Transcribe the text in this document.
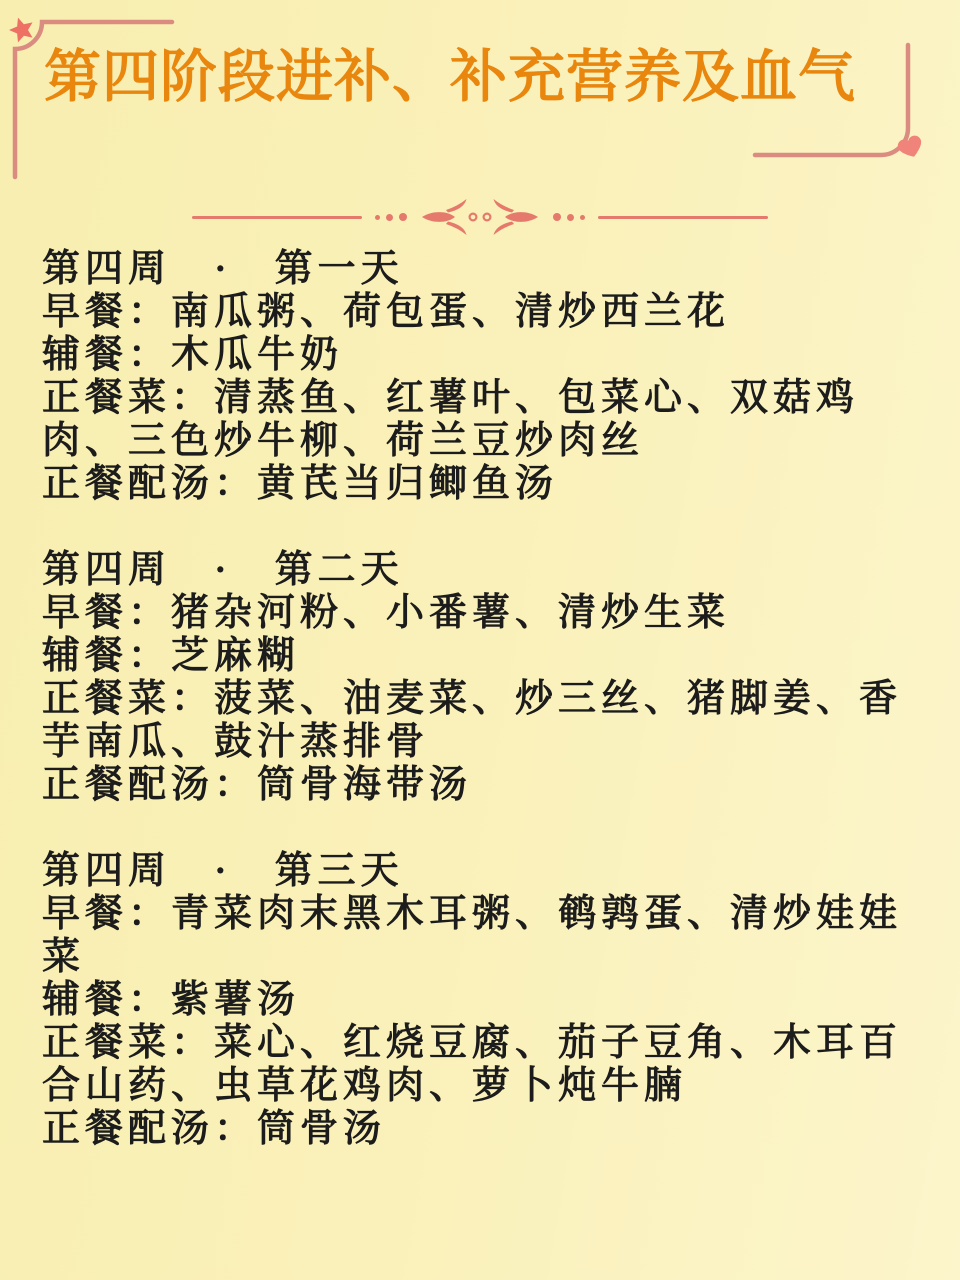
第四阶段进补、补充营养及血气
第四周　·　第一天

早餐：南瓜粥、荷包蛋、清炒西兰花

辅餐：木瓜牛奶

正餐菜：清蒸鱼、红薯叶、包菜心、双菇鸡肉、三色炒牛柳、荷兰豆炒肉丝

正餐配汤：黄芪当归鲫鱼汤

第四周　·　第二天

早餐：猪杂河粉、小番薯、清炒生菜

辅餐：芝麻糊

正餐菜：菠菜、油麦菜、炒三丝、猪脚姜、香芋南瓜、鼓汁蒸排骨

正餐配汤：筒骨海带汤

第四周　·　第三天

早餐：青菜肉末黑木耳粥、鹌鹑蛋、清炒娃娃菜

辅餐：紫薯汤

正餐菜：菜心、红烧豆腐、茄子豆角、木耳百合山药、虫草花鸡肉、萝卜炖牛腩

正餐配汤：筒骨汤
